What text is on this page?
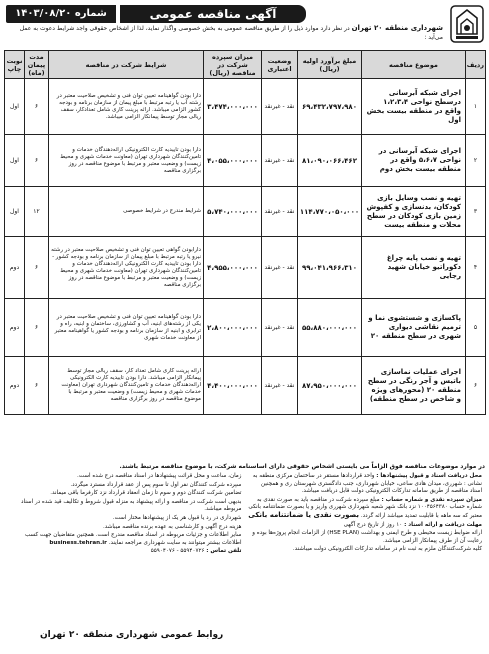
شماره ۱۴۰۳/۰۸/۲۰	آگهی مناقصه عمومی
شهرداری منطقه ۲۰ تهران در نظر دارد موارد ذیل را از طریق مناقصه عمومی به بخش خصوصی واگذار نماید، لذا از اشخاص حقوقی واجد شرایط دعوت به عمل می‌آید :
ردیف	موضوع مناقصه	مبلغ برآورد اولیه (ریال)	وضعیت اعتباری	میزان سپرده شرکت در مناقصه (ریال)	شرایط شرکت در مناقصه	مدت پیمان (ماه)	نوبت چاپ
۱	اجرای شبکه آبرسانی درسطح نواحی ۱،۲،۳،۴ واقع در منطقه بیست بخش اول	۶۹،۴۳۲،۷۹۷،۹۸۰	نقد - غیرنقد	۳،۴۷۴،۰۰۰،۰۰۰	دارا بودن گواهینامه تعیین توان فنی و تشخیص صلاحیت معتبر در رشته آب یا رتبه مرتبط با مبلغ پیمان از سازمان برنامه و بودجه کشور الزامی میباشد. ارائه پرینت کاری شامل تعدادکار، سقف ریالی مجاز توسط پیمانکار الزامی میباشد.	۶	اول
۲	اجرای شبکه آبرسانی در نواحی ۵،۶،۷ واقع در منطقه بیست بخش دوم	۸۱،۰۹۰،۰۶۶،۴۶۲	نقد - غیرنقد	۴،۰۵۵،۰۰۰،۰۰۰	دارا بودن تاییدیه کارت الکترونیکی ارائه‌دهندگان خدمات و تامین‌کنندگان شهرداری تهران (معاونت خدمات شهری و محیط زیست) و وضعیت معتبر و مرتبط با موضوع مناقصه در روز برگزاری مناقصه	۶	اول
۳	تهیه و نصب وسایل بازی کودکان، بدنسازی و کفپوش زمین بازی کودکان در سطح محلات و منطقه بیست	۱۱۴،۷۷۰،۰۵۰،۰۰۰	نقد - غیرنقد	۵،۷۴۰،۰۰۰،۰۰۰	شرایط مندرج در شرایط خصوصی	۱۲	اول
۴	تهیه و نصب پایه چراغ دکوراتیو خیابان شهید رجایی	۹۹،۰۴۱،۹۶۶،۳۱۰	نقد - غیرنقد	۴،۹۵۵،۰۰۰،۰۰۰	دارابودن گواهی تعیین توان فنی و تشخیص صلاحیت معتبر در رشته نیرو یا رتبه مرتبط با مبلغ پیمان از سازمان برنامه و بودجه کشور - دارا بودن تاییدیه کارت الکترونیکی ارائه‌دهندگان خدمات و تامین‌کنندگان شهرداری تهران (معاونت خدمات شهری و محیط زیست) و وضعیت معتبر و مرتبط با موضوع مناقصه در روز برگزاری مناقصه	۶	دوم
۵	پاکسازی و شستشوی نما و ترمیم نقاشی دیواری شهری در سطح منطقه ۲۰	۵۵،۸۸۰،۰۰۰،۰۰۰	نقد - غیرنقد	۲،۸۰۰،۰۰۰،۰۰۰	دارا بودن گواهینامه تعیین توان فنی و تشخیص صلاحیت معتبر در یکی از رشته‌های ابنیه، آب و کشاورزی، ساختمان و ابنیه، راه و ترابری و ابنیه از سازمان برنامه و بودجه کشور یا گواهینامه معتبر از معاونت خدمات شهری	۶	دوم
۶	اجرای عملیات نماسازی باتیس و آجر رنگی در سطح منطقه ۲۰ (محورهای ویژه و شاخص در سطح منطقه)	۸۷،۹۵۰،۰۰۰،۰۰۰	نقد - غیرنقد	۴،۴۰۰،۰۰۰،۰۰۰	ارائه پرینت کاری شامل تعداد کار، سقف ریالی مجاز توسط پیمانکار الزامی میباشد. دارا بودن تاییدیه کارت الکترونیکی ارائه‌دهندگان خدمات و تامین‌کنندگان شهرداری تهران (معاونت خدمات شهری و محیط زیست) و وضعیت معتبر و مرتبط با موضوع مناقصه در روز برگزاری مناقصه	۶	دوم
در موارد موضوعات مناقصه فوق الزاماً می بایستی اشخاص حقوقی دارای اساسنامه شرکت، با موضوع مناقصه مرتبط باشند.

محل دریافت اسناد و قبول پیشنهادها : واحد قراردادها مستقر در ساختمان مرکزی منطقه به نشانی : شهرری، میدان هادی ساعی، خیابان شهرداری، جنب دادگستری شهرستان ری و همچنین اسناد مناقصه از طریق سامانه تدارکات الکترونیکی دولت قابل دریافت میباشد.

میزان سپرده نقدی و شماره حساب : مبلغ سپرده شرکت در مناقصه باید به صورت نقدی به شماره حساب ۱۰۰۴۵۶۴۳۸۰ نزد بانک شهر شعبه شهرداری شهرری واریز و یا بصورت ضمانتنامه بانکی معتبر که سه ماهه با قابلیت تمدید میباشد ارائه گردد. بصورت نقدی یا ضمانتنامه بانکی

مهلت دریافت و ارائه اسناد : ۱۰ روز از تاریخ درج آگهی

ارائه ضوابط زیست محیطی و طرح ایمنی و بهداشت (HSE PLAN) از الزامات انجام پروژه‌ها بوده و رعایت آن از طرف پیمانکار الزامی میباشد.

کلیه شرکت‌کنندگان ملزم به ثبت نام در سامانه تدارکات الکترونیکی دولت میباشند.

زمان، ساعت و محل قرائت پیشنهادها در اسناد مناقصه درج شده است.

سپرده شرکت کنندگان نفر اول تا سوم پس از عقد قرارداد مسترد میگردد.

تضامین شرکت کنندگان دوم و سوم تا زمان انعقاد قرارداد نزد کارفرما باقی میماند.

بدیهی است شرکت در مناقصه و ارائه پیشنهاد به منزله قبول شروط و تکالیف قید شده در اسناد مربوطه میباشد.

شهرداری در رد یا قبول هر یک از پیشنهادها مختار است.

هزینه درج آگهی و کارشناسی به عهده برنده مناقصه میباشد.

سایر اطلاعات و جزئیات مربوطه در اسناد مناقصه مندرج است. همچنین متقاضیان جهت کسب اطلاعات بیشتر میتوانند به سایت شهرداری مراجعه نمایند. business.tehran.ir

تلفن تماس : ۵۵۹۴۰۷۲۶ - ۵۵۹۰۴۰۷۶

روابط عمومی شهرداری منطقه ۲۰ تهران
